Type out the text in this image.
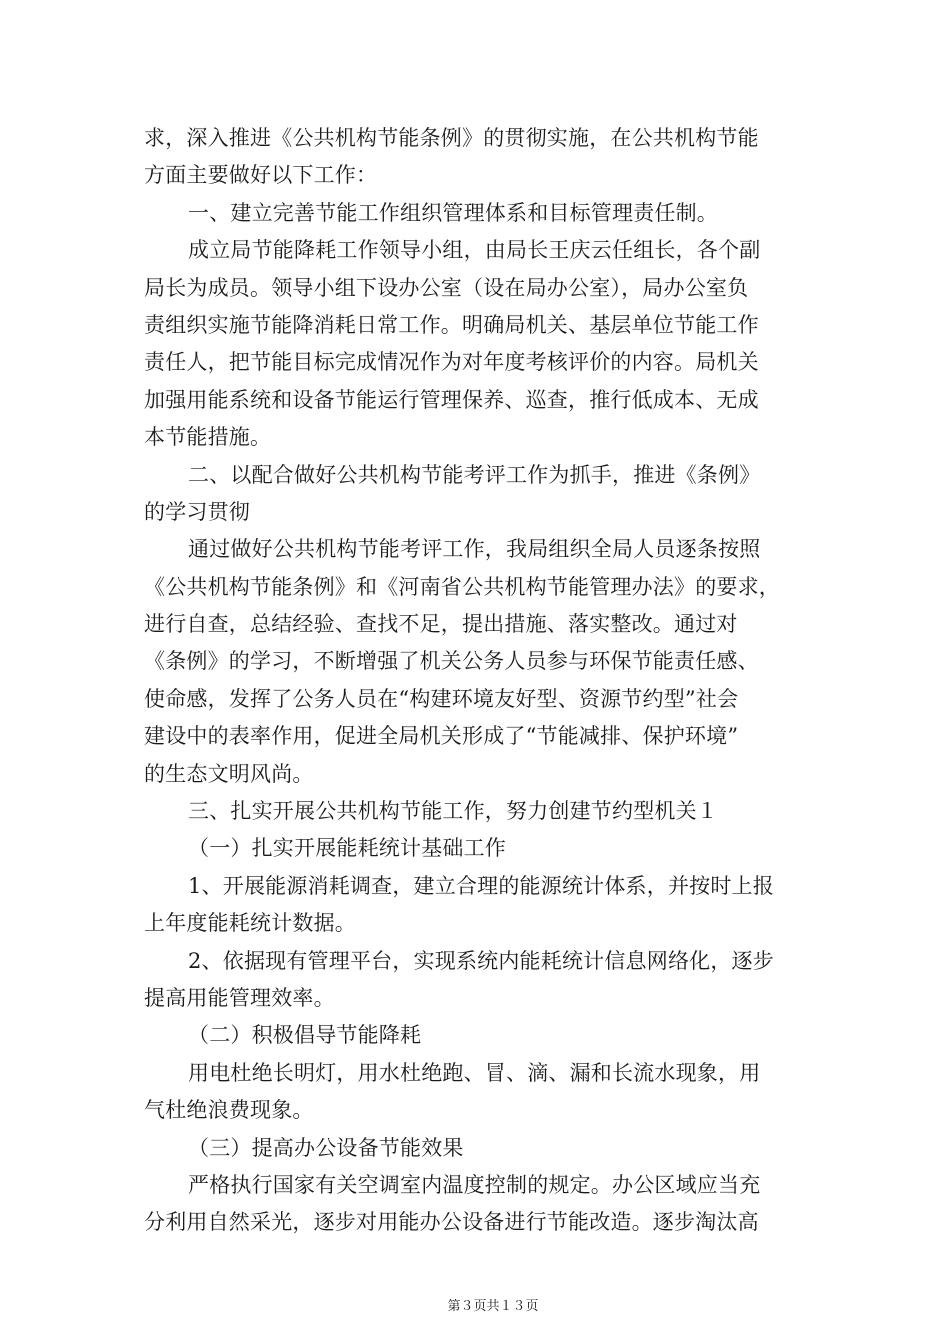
求，深入推进《公共机构节能条例》的贯彻实施，在公共机构节能
方面主要做好以下工作：
一、建立完善节能工作组织管理体系和目标管理责任制。
成立局节能降耗工作领导小组，由局长王庆云任组长，各个副
局长为成员。领导小组下设办公室（设在局办公室），局办公室负
责组织实施节能降消耗日常工作。明确局机关、基层单位节能工作
责任人，把节能目标完成情况作为对年度考核评价的内容。局机关
加强用能系统和设备节能运行管理保养、巡查，推行低成本、无成
本节能措施。
二、以配合做好公共机构节能考评工作为抓手，推进《条例》
的学习贯彻
通过做好公共机构节能考评工作，我局组织全局人员逐条按照
《公共机构节能条例》和《河南省公共机构节能管理办法》的要求，
进行自查，总结经验、查找不足，提出措施、落实整改。通过对
《条例》的学习，不断增强了机关公务人员参与环保节能责任感、
使命感，发挥了公务人员在“构建环境友好型、资源节约型”社会
建设中的表率作用，促进全局机关形成了“节能减排、保护环境”
的生态文明风尚。
三、扎实开展公共机构节能工作，努力创建节约型机关１
（一）扎实开展能耗统计基础工作
1、开展能源消耗调查，建立合理的能源统计体系，并按时上报
上年度能耗统计数据。
2、依据现有管理平台，实现系统内能耗统计信息网络化，逐步
提高用能管理效率。
（二）积极倡导节能降耗
用电杜绝长明灯，用水杜绝跑、冒、滴、漏和长流水现象，用
气杜绝浪费现象。
（三）提高办公设备节能效果
严格执行国家有关空调室内温度控制的规定。办公区域应当充
分利用自然采光，逐步对用能办公设备进行节能改造。逐步淘汰高
第３页共１３页
